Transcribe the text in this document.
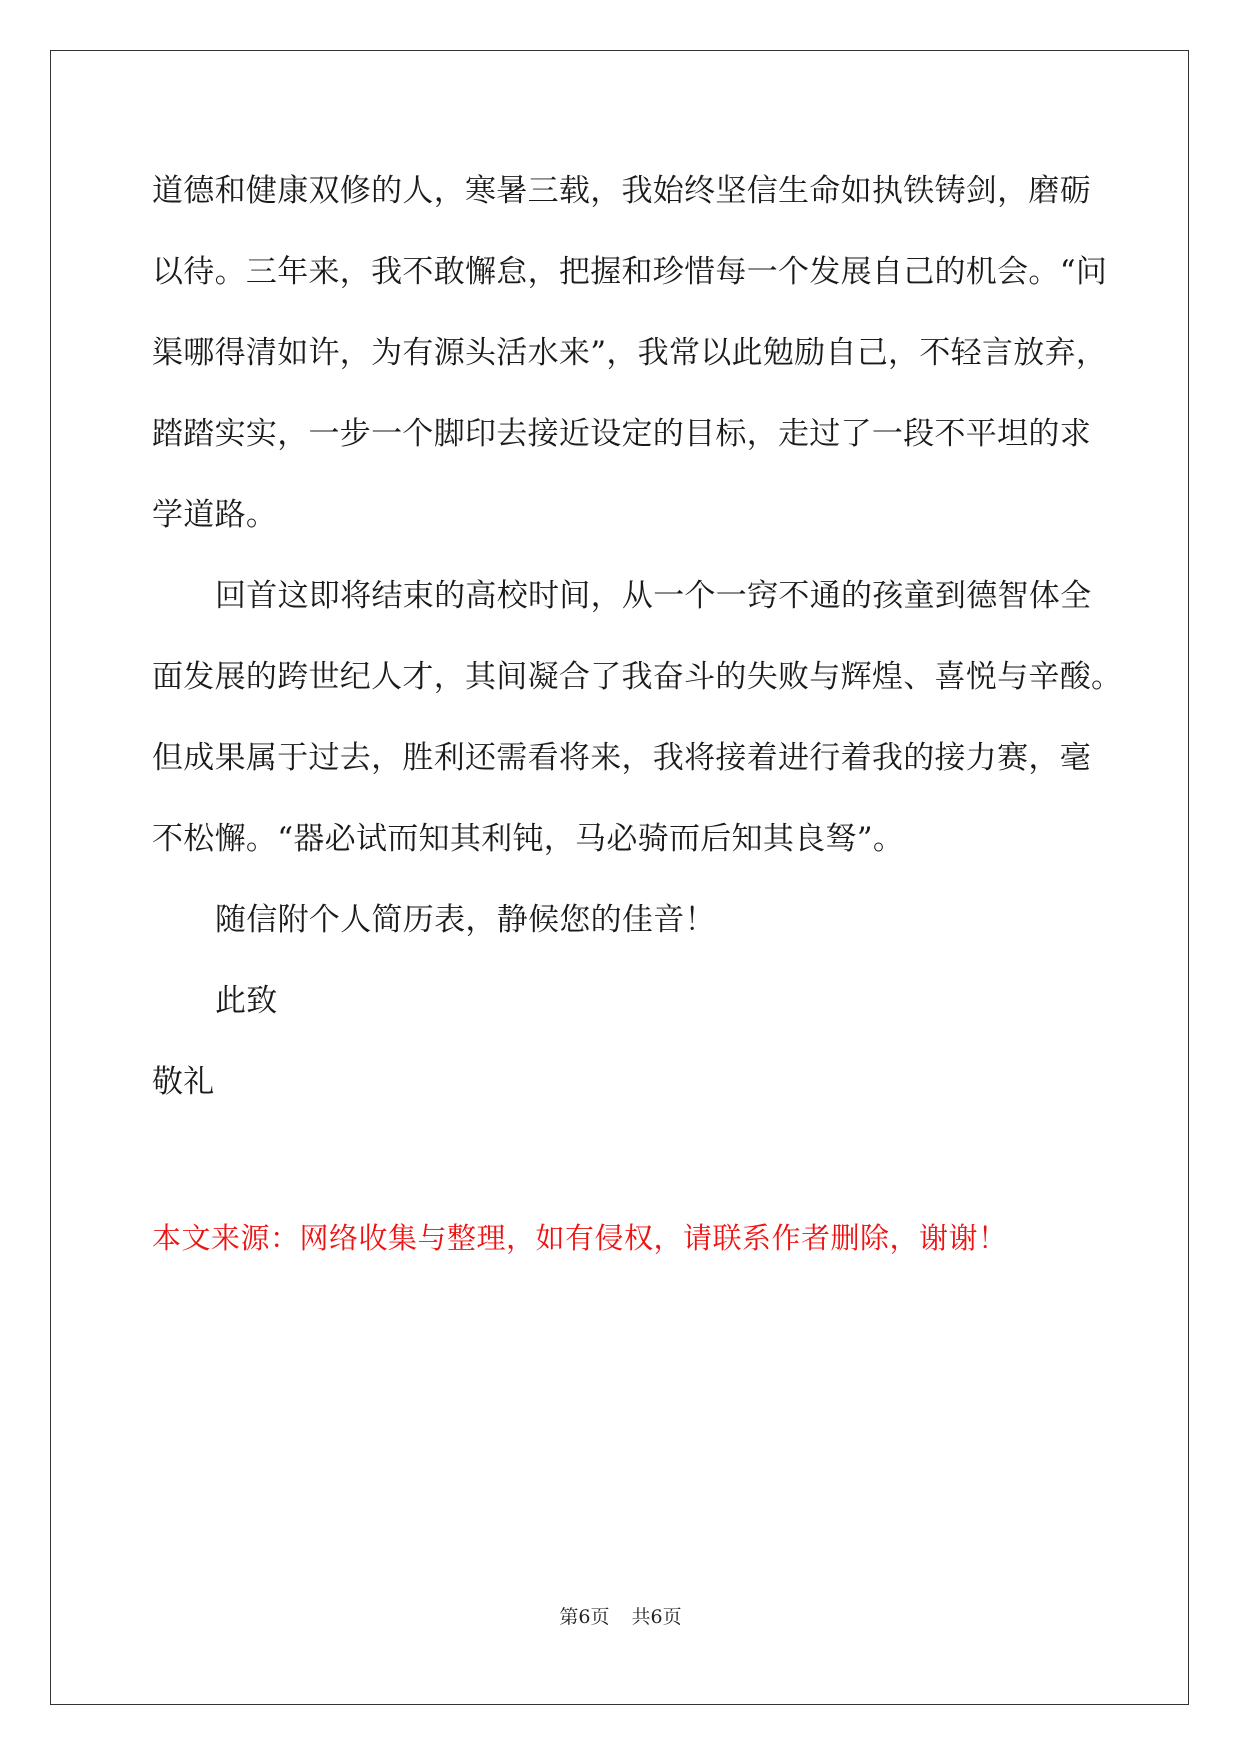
道德和健康双修的人，寒暑三载，我始终坚信生命如执铁铸剑，磨砺
以待。三年来，我不敢懈怠，把握和珍惜每一个发展自己的机会。“问
渠哪得清如许，为有源头活水来”，我常以此勉励自己，不轻言放弃，
踏踏实实，一步一个脚印去接近设定的目标，走过了一段不平坦的求
学道路。
回首这即将结束的高校时间，从一个一窍不通的孩童到德智体全
面发展的跨世纪人才，其间凝合了我奋斗的失败与辉煌、喜悦与辛酸。
但成果属于过去，胜利还需看将来，我将接着进行着我的接力赛，毫
不松懈。“器必试而知其利钝，马必骑而后知其良驽”。
随信附个人简历表，静候您的佳音！
此致
敬礼
本文来源：网络收集与整理，如有侵权，请联系作者删除，谢谢！
第6页 共6页
